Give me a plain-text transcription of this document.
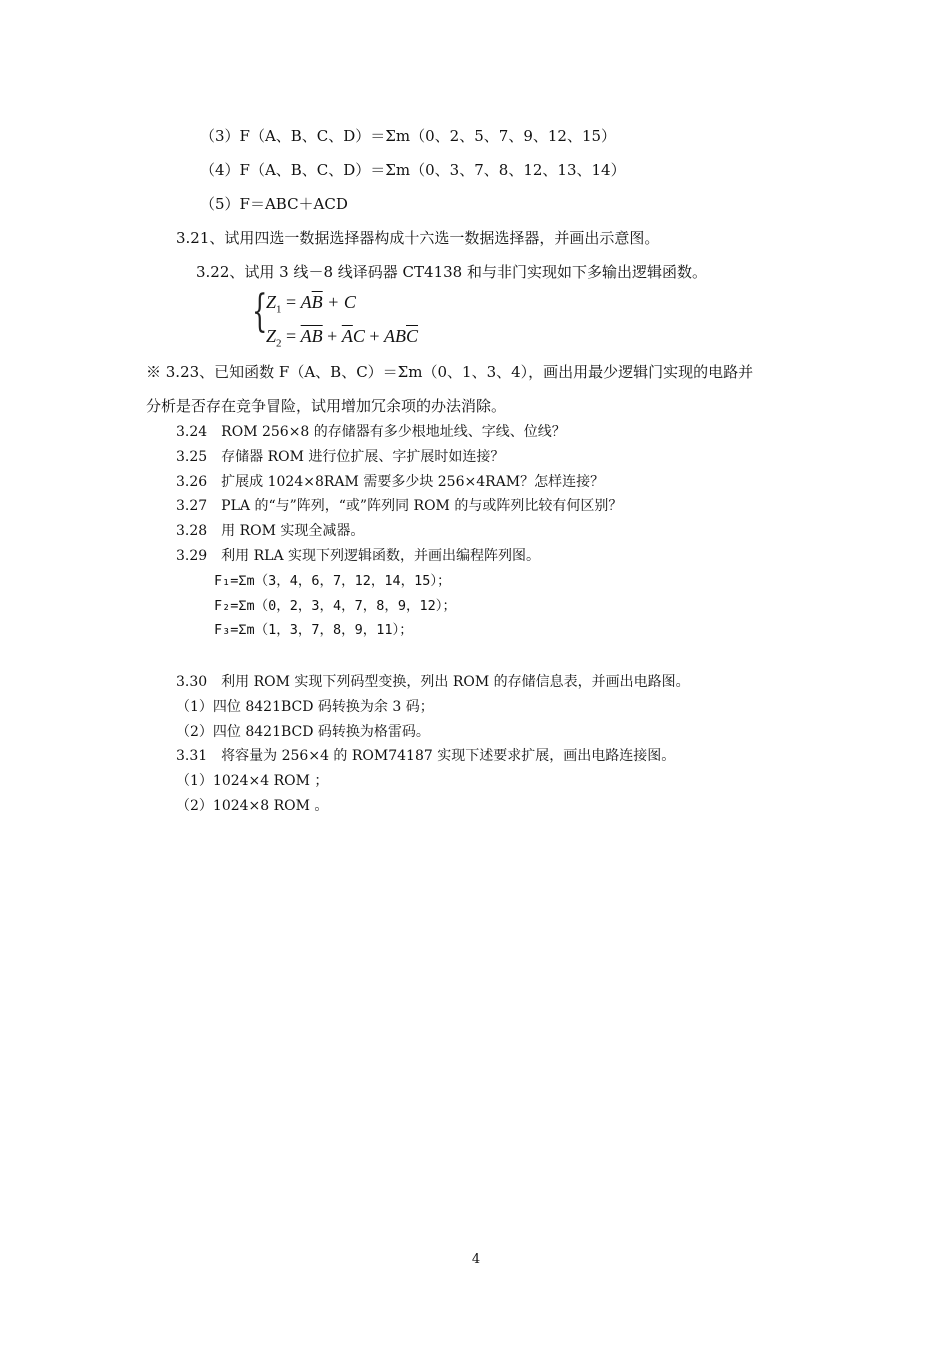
（3）F（A、B、C、D）＝Σm（0、2、5、7、9、12、15）
（4）F（A、B、C、D）＝Σm（0、3、7、8、12、13、14）
（5）F＝ABC＋ACD
3.21、试用四选一数据选择器构成十六选一数据选择器，并画出示意图。
3.22、试用 3 线－8 线译码器 CT4138 和与非门实现如下多输出逻辑函数。
{
$Z_1 = A\overline{B} + C$
$Z_2 = \overline{AB} + \overline{A}C + AB\overline{C}$
※ 3.23、已知函数 F（A、B、C）＝Σm（0、1、3、4），画出用最少逻辑门实现的电路并
分析是否存在竞争冒险，试用增加冗余项的办法消除。
3.24　ROM 256×8 的存储器有多少根地址线、字线、位线？
3.25　存储器 ROM 进行位扩展、字扩展时如连接？
3.26　扩展成 1024×8RAM 需要多少块 256×4RAM？怎样连接？
3.27　PLA 的“与”阵列，“或”阵列同 ROM 的与或阵列比较有何区别？
3.28　用 ROM 实现全减器。
3.29　利用 RLA 实现下列逻辑函数，并画出编程阵列图。
F₁=Σm（3，4，6，7，12，14，15）；
F₂=Σm（0，2，3，4，7，8，9，12）；
F₃=Σm（1，3，7，8，9，11）；
3.30　利用 ROM 实现下列码型变换，列出 ROM 的存储信息表，并画出电路图。
（1）四位 8421BCD 码转换为余 3 码；
（2）四位 8421BCD 码转换为格雷码。
3.31　将容量为 256×4 的 ROM74187 实现下述要求扩展，画出电路连接图。
（1）1024×4 ROM ；
（2）1024×8 ROM 。
4
